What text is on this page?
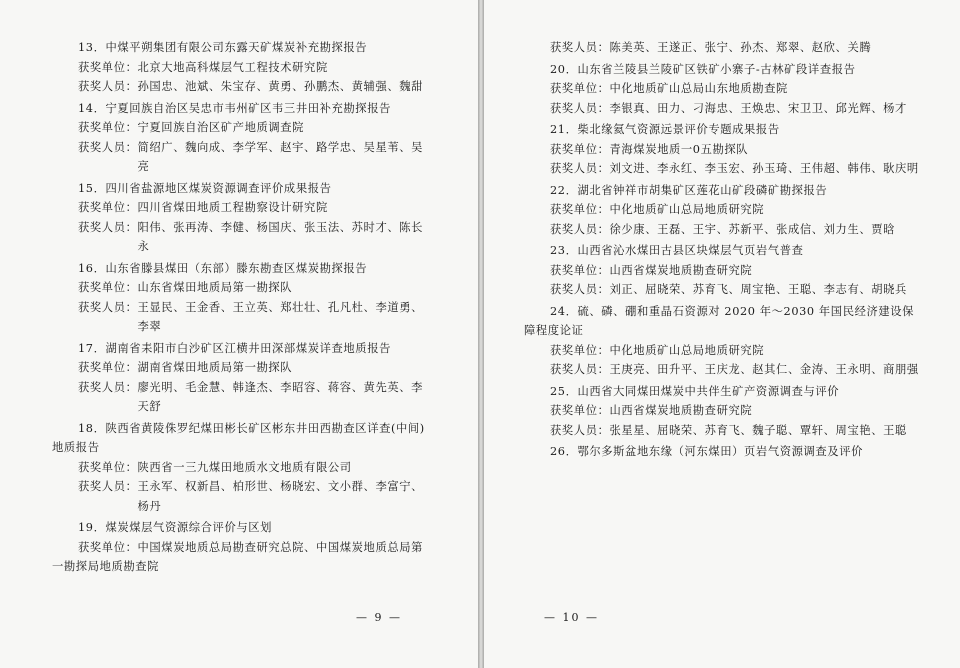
13．中煤平朔集团有限公司东露天矿煤炭补充勘探报告
获奖单位： 北京大地高科煤层气工程技术研究院
获奖人员： 孙国忠、池斌、朱宝存、黄勇、孙鹏杰、黄辅强、魏甜
14．宁夏回族自治区吴忠市韦州矿区韦三井田补充勘探报告
获奖单位： 宁夏回族自治区矿产地质调查院
获奖人员： 简绍广、魏向成、李学军、赵宇、路学忠、吴星苇、吴亮
15．四川省盐源地区煤炭资源调查评价成果报告
获奖单位： 四川省煤田地质工程勘察设计研究院
获奖人员： 阳伟、张再涛、李健、杨国庆、张玉法、苏时才、陈长永
16．山东省滕县煤田（东部）滕东勘查区煤炭勘探报告
获奖单位： 山东省煤田地质局第一勘探队
获奖人员： 王显民、王金香、王立英、郑壮壮、孔凡杜、李道勇、李翠
17．湖南省耒阳市白沙矿区江横井田深部煤炭详查地质报告
获奖单位： 湖南省煤田地质局第一勘探队
获奖人员： 廖光明、毛金慧、韩逢杰、李昭容、蒋容、黄先英、李天舒
18．陕西省黄陵侏罗纪煤田彬长矿区彬东井田西勘查区详查(中间)地质报告
获奖单位： 陕西省一三九煤田地质水文地质有限公司
获奖人员： 王永军、权新昌、柏形世、杨晓宏、文小群、李富宁、杨丹
19．煤炭煤层气资源综合评价与区划
获奖单位：中国煤炭地质总局勘查研究总院、中国煤炭地质总局第一勘探局地质勘查院
— 9 —
获奖人员： 陈美英、王遂正、张宁、孙杰、郑翠、赵欣、关腾
20．山东省兰陵县兰陵矿区铁矿小寨子-古林矿段详查报告
获奖单位： 中化地质矿山总局山东地质勘查院
获奖人员： 李银真、田力、刁海忠、王焕忠、宋卫卫、邱光辉、杨才
21．柴北缘氦气资源远景评价专题成果报告
获奖单位： 青海煤炭地质一0五勘探队
获奖人员： 刘文进、李永红、李玉宏、孙玉琦、王伟超、韩伟、耿庆明
22．湖北省钟祥市胡集矿区莲花山矿段磷矿勘探报告
获奖单位： 中化地质矿山总局地质研究院
获奖人员： 徐少康、王磊、王宇、苏新平、张成信、刘力生、贾晗
23．山西省沁水煤田古县区块煤层气页岩气普查
获奖单位： 山西省煤炭地质勘查研究院
获奖人员： 刘正、屈晓荣、苏育飞、周宝艳、王聪、李志有、胡晓兵
24．硫、磷、硼和重晶石资源对 2020 年～2030 年国民经济建设保障程度论证
获奖单位： 中化地质矿山总局地质研究院
获奖人员： 王庚亮、田升平、王庆龙、赵其仁、金涛、王永明、商朋强
25．山西省大同煤田煤炭中共伴生矿产资源调查与评价
获奖单位： 山西省煤炭地质勘查研究院
获奖人员： 张星星、屈晓荣、苏育飞、魏子聪、覃轩、周宝艳、王聪
26．鄂尔多斯盆地东缘（河东煤田）页岩气资源调查及评价
— 10 —
